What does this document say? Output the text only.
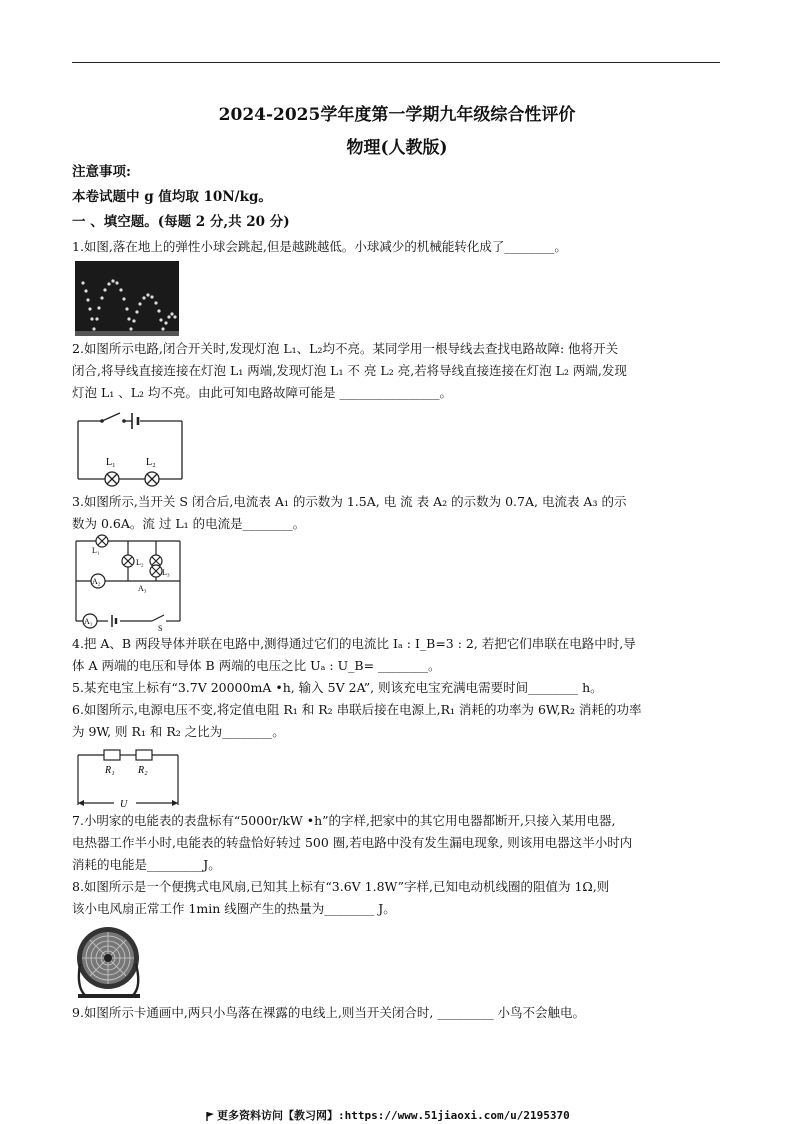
2024-2025学年度第一学期九年级综合性评价
物理(人教版)
注意事项:
本卷试题中 g 值均取 10N/kg。
一 、填空题。(每题 2 分,共 20 分)
1.如图,落在地上的弹性小球会跳起,但是越跳越低。小球减少的机械能转化成了________。
2.如图所示电路,闭合开关时,发现灯泡 L₁、L₂均不亮。某同学用一根导线去查找电路故障: 他将开关
闭合,将导线直接连接在灯泡 L₁ 两端,发现灯泡 L₁ 不 亮 L₂ 亮,若将导线直接连接在灯泡 L₂ 两端,发现
灯泡 L₁ 、L₂ 均不亮。由此可知电路故障可能是 ________________。
L₁	L₂
3.如图所示,当开关 S 闭合后,电流表 A₁ 的示数为 1.5A, 电 流 表 A₂ 的示数为 0.7A, 电流表 A₃ 的示
数为 0.6A。流 过 L₁ 的电流是________。
L₁
L₂
L₃
A₂
A₁
A₃
S
4.把 A、B 两段导体并联在电路中,测得通过它们的电流比 Iₐ : I_B=3 : 2, 若把它们串联在电路中时,导
体 A 两端的电压和导体 B 两端的电压之比 Uₐ : U_B= ________。
5.某充电宝上标有“3.7V 20000mA •h, 输入 5V 2A”, 则该充电宝充满电需要时间________ h。
6.如图所示,电源电压不变,将定值电阻 R₁ 和 R₂ 串联后接在电源上,R₁ 消耗的功率为 6W,R₂ 消耗的功率
为 9W, 则 R₁ 和 R₂ 之比为________。
R₁ R₂
U
7.小明家的电能表的表盘标有“5000r/kW •h”的字样,把家中的其它用电器都断开,只接入某用电器,
电热器工作半小时,电能表的转盘恰好转过 500 圈,若电路中没有发生漏电现象, 则该用电器这半小时内
消耗的电能是_________J。
8.如图所示是一个便携式电风扇,已知其上标有“3.6V 1.8W”字样,已知电动机线圈的阻值为 1Ω,则
该小电风扇正常工作 1min 线圈产生的热量为________ J。
9.如图所示卡通画中,两只小鸟落在裸露的电线上,则当开关闭合时, _________ 小鸟不会触电。
更多资料访问【教习网】:https://www.51jiaoxi.com/u/2195370
